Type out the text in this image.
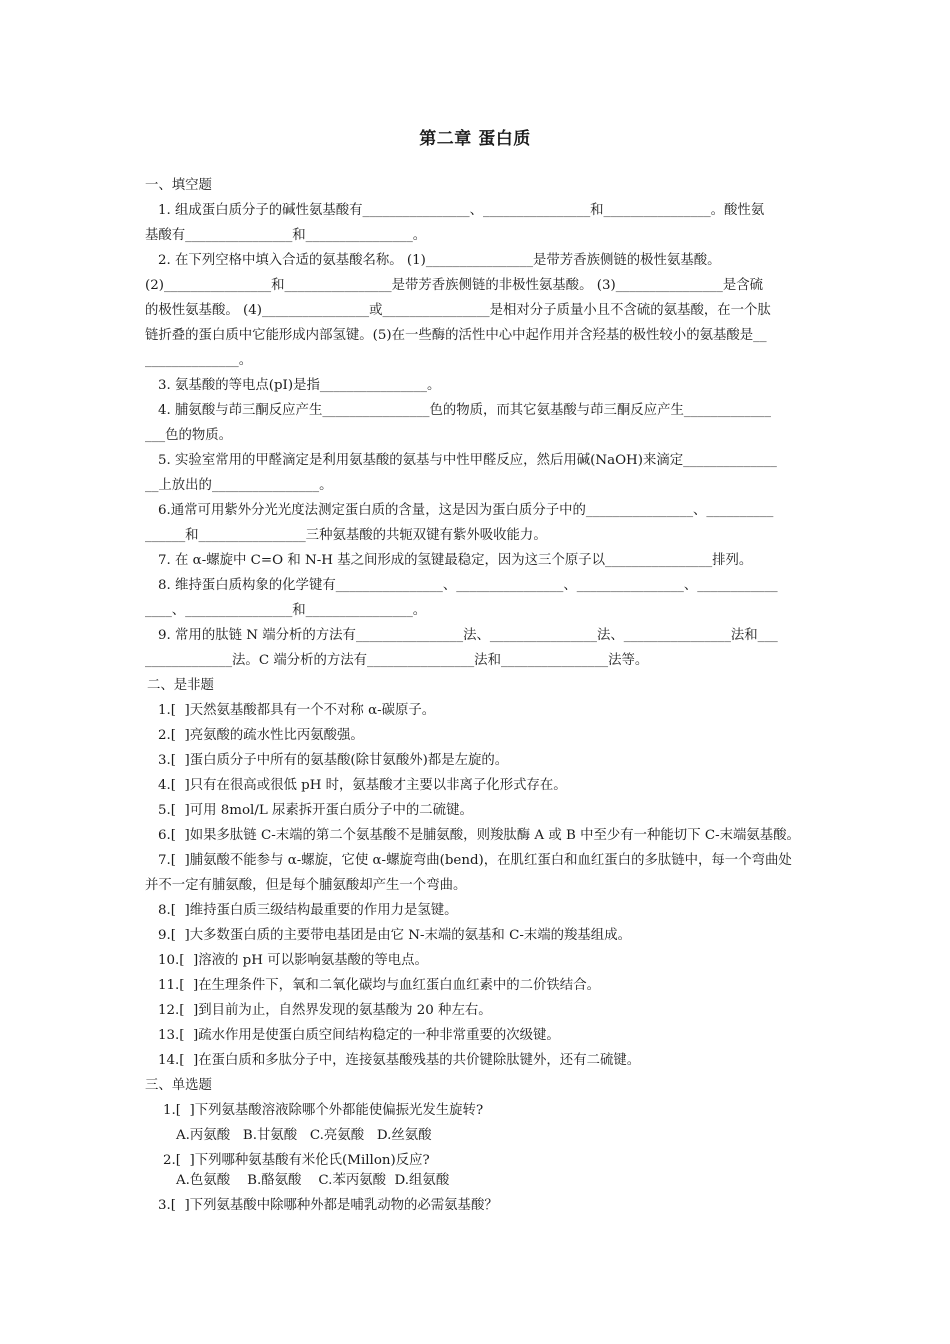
第二章 蛋白质
一、填空题
1. 组成蛋白质分子的碱性氨基酸有________________、________________和________________。酸性氨
基酸有________________和________________。
2. 在下列空格中填入合适的氨基酸名称。 (1)________________是带芳香族侧链的极性氨基酸。
(2)________________和________________是带芳香族侧链的非极性氨基酸。 (3)________________是含硫
的极性氨基酸。 (4)________________或________________是相对分子质量小且不含硫的氨基酸，在一个肽
链折叠的蛋白质中它能形成内部氢键。(5)在一些酶的活性中心中起作用并含羟基的极性较小的氨基酸是__
______________。
3. 氨基酸的等电点(pI)是指________________。
4. 脯氨酸与茚三酮反应产生________________色的物质，而其它氨基酸与茚三酮反应产生_____________
___色的物质。
5. 实验室常用的甲醛滴定是利用氨基酸的氨基与中性甲醛反应，然后用碱(NaOH)来滴定______________
__上放出的________________。
6.通常可用紫外分光光度法测定蛋白质的含量，这是因为蛋白质分子中的________________、__________
______和________________三种氨基酸的共轭双键有紫外吸收能力。
7. 在 α-螺旋中 C=O 和 N-H 基之间形成的氢键最稳定，因为这三个原子以________________排列。
8. 维持蛋白质构象的化学键有________________、________________、________________、____________
____、________________和________________。
9. 常用的肽链 N 端分析的方法有________________法、________________法、________________法和___
_____________法。C 端分析的方法有________________法和________________法等。
二、是非题
1.[  ]天然氨基酸都具有一个不对称 α-碳原子。
2.[  ]亮氨酸的疏水性比丙氨酸强。
3.[  ]蛋白质分子中所有的氨基酸(除甘氨酸外)都是左旋的。
4.[  ]只有在很高或很低 pH 时，氨基酸才主要以非离子化形式存在。
5.[  ]可用 8mol/L 尿素拆开蛋白质分子中的二硫键。
6.[  ]如果多肽链 C-末端的第二个氨基酸不是脯氨酸，则羧肽酶 A 或 B 中至少有一种能切下 C-末端氨基酸。
7.[  ]脯氨酸不能参与 α-螺旋，它使 α-螺旋弯曲(bend)，在肌红蛋白和血红蛋白的多肽链中，每一个弯曲处
并不一定有脯氨酸，但是每个脯氨酸却产生一个弯曲。
8.[  ]维持蛋白质三级结构最重要的作用力是氢键。
9.[  ]大多数蛋白质的主要带电基团是由它 N-末端的氨基和 C-末端的羧基组成。
10.[  ]溶液的 pH 可以影响氨基酸的等电点。
11.[  ]在生理条件下，氧和二氧化碳均与血红蛋白血红素中的二价铁结合。
12.[  ]到目前为止，自然界发现的氨基酸为 20 种左右。
13.[  ]疏水作用是使蛋白质空间结构稳定的一种非常重要的次级键。
14.[  ]在蛋白质和多肽分子中，连接氨基酸残基的共价键除肽键外，还有二硫键。
三、单选题
1.[  ]下列氨基酸溶液除哪个外都能使偏振光发生旋转?
A.丙氨酸   B.甘氨酸   C.亮氨酸   D.丝氨酸
2.[  ]下列哪种氨基酸有米伦氏(Millon)反应?
A.色氨酸    B.酪氨酸    C.苯丙氨酸  D.组氨酸
3.[  ]下列氨基酸中除哪种外都是哺乳动物的必需氨基酸？
